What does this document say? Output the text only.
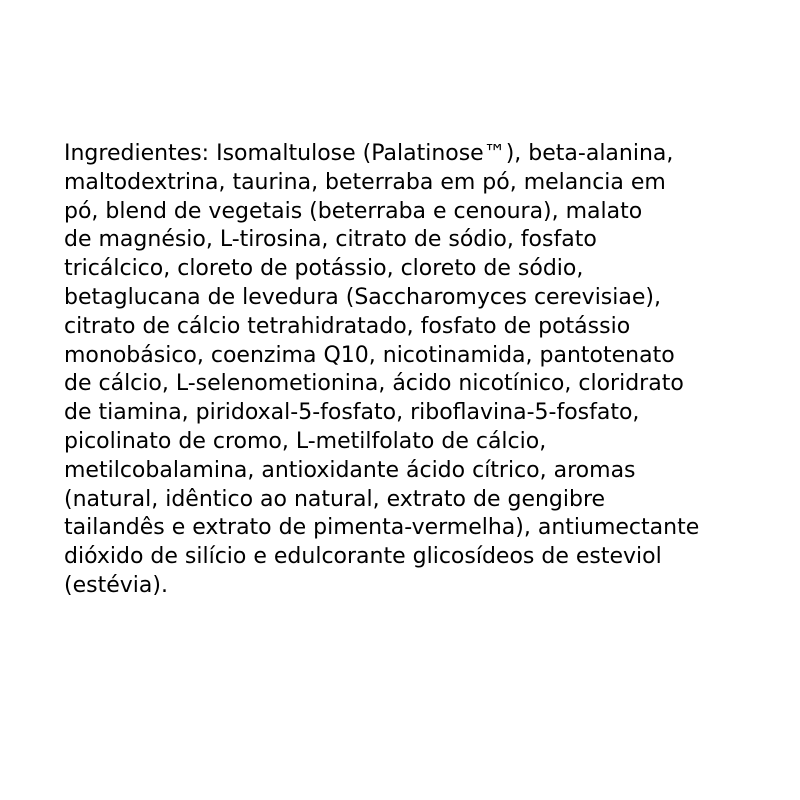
Ingredientes: Isomaltulose (Palatinose™), beta-alanina,
maltodextrina, taurina, beterraba em pó, melancia em
pó, blend de vegetais (beterraba e cenoura), malato
de magnésio, L-tirosina, citrato de sódio, fosfato
tricálcico, cloreto de potássio, cloreto de sódio,
betaglucana de levedura (Saccharomyces cerevisiae),
citrato de cálcio tetrahidratado, fosfato de potássio
monobásico, coenzima Q10, nicotinamida, pantotenato
de cálcio, L-selenometionina, ácido nicotínico, cloridrato
de tiamina, piridoxal-5-fosfato, riboflavina-5-fosfato,
picolinato de cromo, L-metilfolato de cálcio,
metilcobalamina, antioxidante ácido cítrico, aromas
(natural, idêntico ao natural, extrato de gengibre
tailandês e extrato de pimenta-vermelha), antiumectante
dióxido de silício e edulcorante glicosídeos de esteviol
(estévia).
